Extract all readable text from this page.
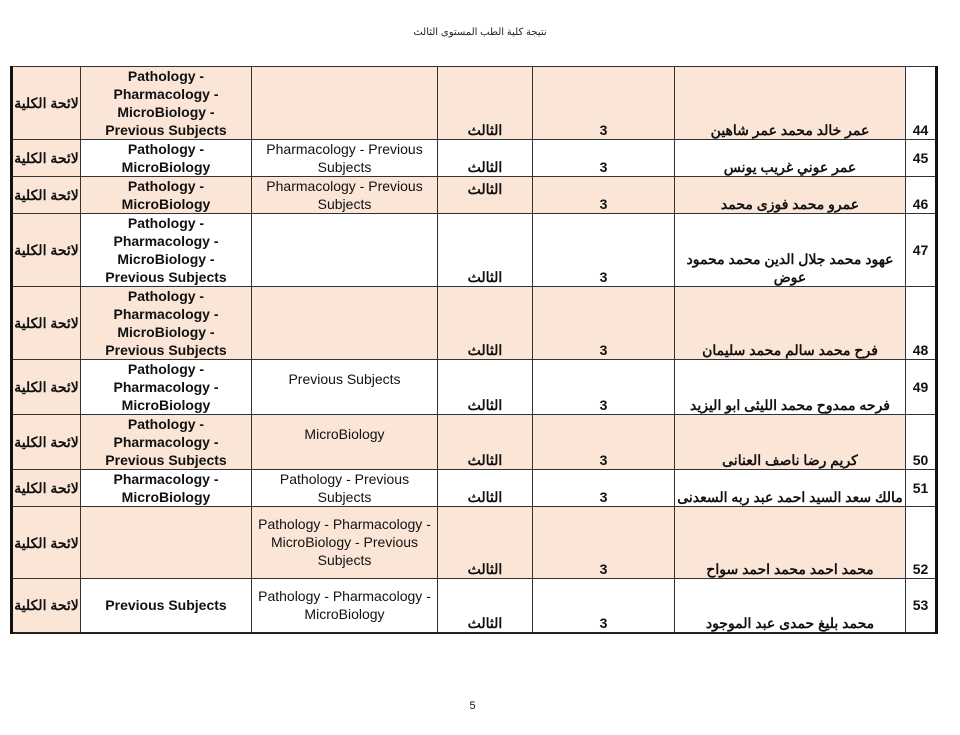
نتيجة كلية الطب المستوى الثالث
لائحة الكلية	Pathology - Pharmacology - MicroBiology - Previous Subjects		الثالث	3	عمر خالد محمد عمر شاهين	44
لائحة الكلية	Pathology - MicroBiology	Pharmacology - Previous Subjects	الثالث	3	عمر عوني غريب يونس	45
لائحة الكلية	Pathology - MicroBiology	Pharmacology - Previous Subjects	الثالث	3	عمرو محمد فوزى محمد	46
لائحة الكلية	Pathology - Pharmacology - MicroBiology - Previous Subjects		الثالث	3	عهود محمد جلال الدين محمد محمود عوض	47
لائحة الكلية	Pathology - Pharmacology - MicroBiology - Previous Subjects		الثالث	3	فرح محمد سالم محمد سليمان	48
لائحة الكلية	Pathology - Pharmacology - MicroBiology	Previous Subjects	الثالث	3	فرحه ممدوح محمد الليثى ابو اليزيد	49
لائحة الكلية	Pathology - Pharmacology - Previous Subjects	MicroBiology	الثالث	3	كريم رضا ناصف العنانى	50
لائحة الكلية	Pharmacology - MicroBiology	Pathology - Previous Subjects	الثالث	3	مالك سعد السيد احمد عبد ربه السعدنى	51
لائحة الكلية		Pathology - Pharmacology - MicroBiology - Previous Subjects	الثالث	3	محمد احمد محمد احمد سواح	52
لائحة الكلية	Previous Subjects	Pathology - Pharmacology - MicroBiology	الثالث	3	محمد بليغ حمدى عبد الموجود	53
5
